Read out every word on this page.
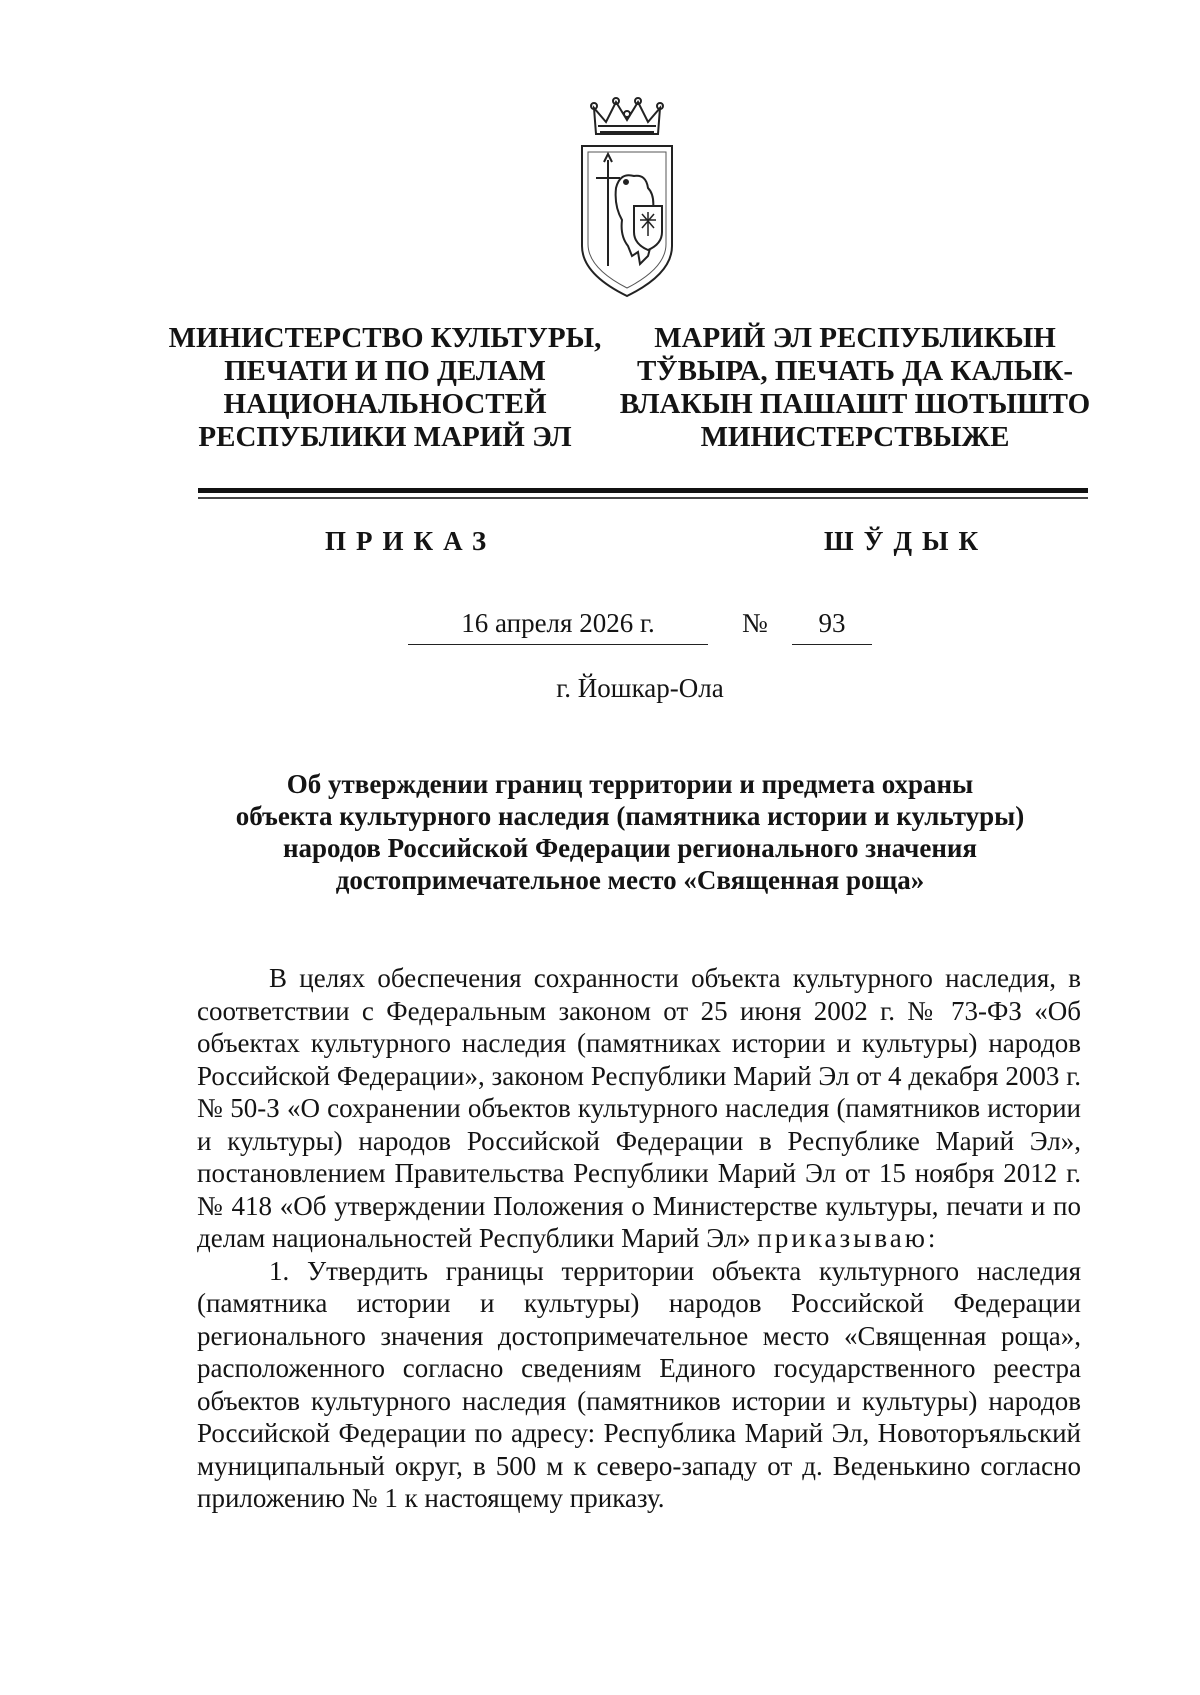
МИНИСТЕРСТВО КУЛЬТУРЫ,
ПЕЧАТИ И ПО ДЕЛАМ
НАЦИОНАЛЬНОСТЕЙ
РЕСПУБЛИКИ МАРИЙ ЭЛ
МАРИЙ ЭЛ РЕСПУБЛИКЫН
ТЎВЫРА, ПЕЧАТЬ ДА КАЛЫК-
ВЛАКЫН ПАШАШТ ШОТЫШТО
МИНИСТЕРСТВЫЖЕ
ПРИКАЗ	ШЎДЫК
16 апреля 2026 г.	№	93
г. Йошкар-Ола
Об утверждении границ территории и предмета охраны
объекта культурного наследия (памятника истории и культуры)
народов Российской Федерации регионального значения
достопримечательное место «Священная роща»

В целях обеспечения сохранности объекта культурного наследия, в соответствии с Федеральным законом от 25 июня 2002 г. № 73-ФЗ «Об объектах культурного наследия (памятниках истории и культуры) народов Российской Федерации», законом Республики Марий Эл от 4 декабря 2003 г. № 50-З «О сохранении объектов культурного наследия (памятников истории и культуры) народов Российской Федерации в Республике Марий Эл», постановлением Правительства Республики Марий Эл от 15 ноября 2012 г. № 418 «Об утверждении Положения о Министерстве культуры, печати и по делам национальностей Республики Марий Эл» приказываю:

1. Утвердить границы территории объекта культурного наследия (памятника истории и культуры) народов Российской Федерации регионального значения достопримечательное место «Священная роща», расположенного согласно сведениям Единого государственного реестра объектов культурного наследия (памятников истории и культуры) народов Российской Федерации по адресу: Республика Марий Эл, Новоторъяльский муниципальный округ, в 500 м к северо-западу от д. Веденькино согласно приложению № 1 к настоящему приказу.
